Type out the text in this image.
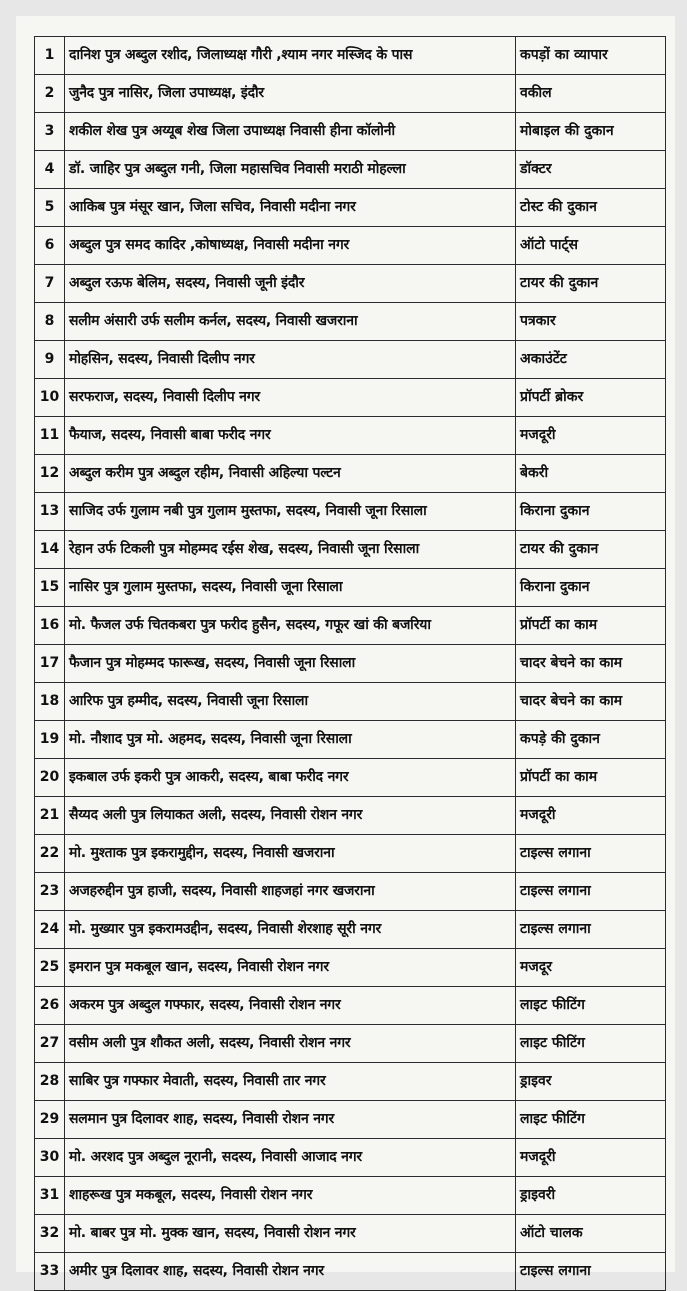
1	दानिश पुत्र अब्दुल रशीद, जिलाध्यक्ष गौरी ,श्याम नगर मस्जिद के पास	कपड़ों का व्यापार
2	जुनैद पुत्र नासिर, जिला उपाध्यक्ष, इंदौर	वकील
3	शकील शेख पुत्र अय्यूब शेख जिला उपाध्यक्ष निवासी हीना कॉलोनी	मोबाइल की दुकान
4	डॉ. जाहिर पुत्र अब्दुल गनी, जिला महासचिव निवासी मराठी मोहल्ला	डॉक्टर
5	आकिब पुत्र मंसूर खान, जिला सचिव, निवासी मदीना नगर	टोस्ट की दुकान
6	अब्दुल पुत्र समद कादिर ,कोषाध्यक्ष, निवासी मदीना नगर	ऑटो पार्ट्स
7	अब्दुल रऊफ बेलिम, सदस्य, निवासी जूनी इंदौर	टायर की दुकान
8	सलीम अंसारी उर्फ सलीम कर्नल, सदस्य, निवासी खजराना	पत्रकार
9	मोहसिन, सदस्य, निवासी दिलीप नगर	अकाउंटेंट
10	सरफराज, सदस्य, निवासी दिलीप नगर	प्रॉपर्टी ब्रोकर
11	फैयाज, सदस्य, निवासी बाबा फरीद नगर	मजदूरी
12	अब्दुल करीम पुत्र अब्दुल रहीम, निवासी अहिल्या पल्टन	बेकरी
13	साजिद उर्फ गुलाम नबी पुत्र गुलाम मुस्तफा, सदस्य, निवासी जूना रिसाला	किराना दुकान
14	रेहान उर्फ टिकली पुत्र मोहम्मद रईस शेख, सदस्य, निवासी जूना रिसाला	टायर की दुकान
15	नासिर पुत्र गुलाम मुस्तफा, सदस्य, निवासी जूना रिसाला	किराना दुकान
16	मो. फैजल उर्फ चितकबरा पुत्र फरीद हुसैन, सदस्य, गफूर खां की बजरिया	प्रॉपर्टी का काम
17	फैजान पुत्र मोहम्मद फारूख, सदस्य, निवासी जूना रिसाला	चादर बेचने का काम
18	आरिफ पुत्र हम्मीद, सदस्य, निवासी जूना रिसाला	चादर बेचने का काम
19	मो. नौशाद पुत्र मो. अहमद, सदस्य, निवासी जूना रिसाला	कपड़े की दुकान
20	इकबाल उर्फ इकरी पुत्र आकरी, सदस्य, बाबा फरीद नगर	प्रॉपर्टी का काम
21	सैय्यद अली पुत्र लियाकत अली, सदस्य, निवासी रोशन नगर	मजदूरी
22	मो. मुश्ताक पुत्र इकरामुद्दीन, सदस्य, निवासी खजराना	टाइल्स लगाना
23	अजहरुद्दीन पुत्र हाजी, सदस्य, निवासी शाहजहां नगर खजराना	टाइल्स लगाना
24	मो. मुख्यार पुत्र इकरामउद्दीन, सदस्य, निवासी शेरशाह सूरी नगर	टाइल्स लगाना
25	इमरान पुत्र मकबूल खान, सदस्य, निवासी रोशन नगर	मजदूर
26	अकरम पुत्र अब्दुल गफ्फार, सदस्य, निवासी रोशन नगर	लाइट फीटिंग
27	वसीम अली पुत्र शौकत अली, सदस्य, निवासी रोशन नगर	लाइट फीटिंग
28	साबिर पुत्र गफ्फार मेवाती, सदस्य, निवासी तार नगर	ड्राइवर
29	सलमान पुत्र दिलावर शाह, सदस्य, निवासी रोशन नगर	लाइट फीटिंग
30	मो. अरशद पुत्र अब्दुल नूरानी, सदस्य, निवासी आजाद नगर	मजदूरी
31	शाहरूख पुत्र मकबूल, सदस्य, निवासी रोशन नगर	ड्राइवरी
32	मो. बाबर पुत्र मो. मुक्क खान, सदस्य, निवासी रोशन नगर	ऑटो चालक
33	अमीर पुत्र दिलावर शाह, सदस्य, निवासी रोशन नगर	टाइल्स लगाना
